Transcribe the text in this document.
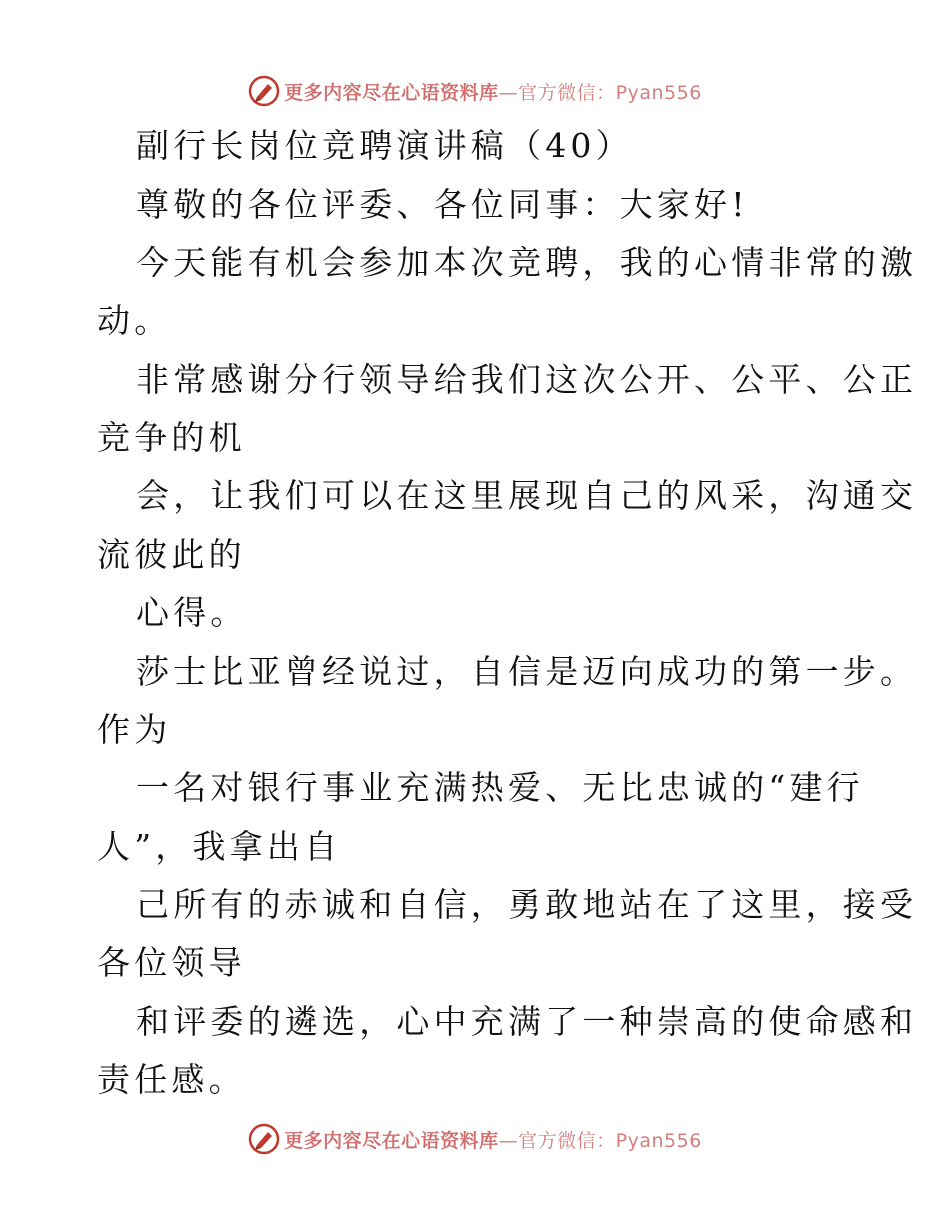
更多内容尽在心语资料库—官方微信：Pyan556
副行长岗位竞聘演讲稿（40）
尊敬的各位评委、各位同事：大家好!
今天能有机会参加本次竞聘，我的心情非常的激
动。
非常感谢分行领导给我们这次公开、公平、公正
竞争的机
会，让我们可以在这里展现自己的风采，沟通交
流彼此的
心得。
莎士比亚曾经说过，自信是迈向成功的第一步。
作为
一名对银行事业充满热爱、无比忠诚的“建行
人”，我拿出自
己所有的赤诚和自信，勇敢地站在了这里，接受
各位领导
和评委的遴选，心中充满了一种崇高的使命感和
责任感。
更多内容尽在心语资料库—官方微信：Pyan556
